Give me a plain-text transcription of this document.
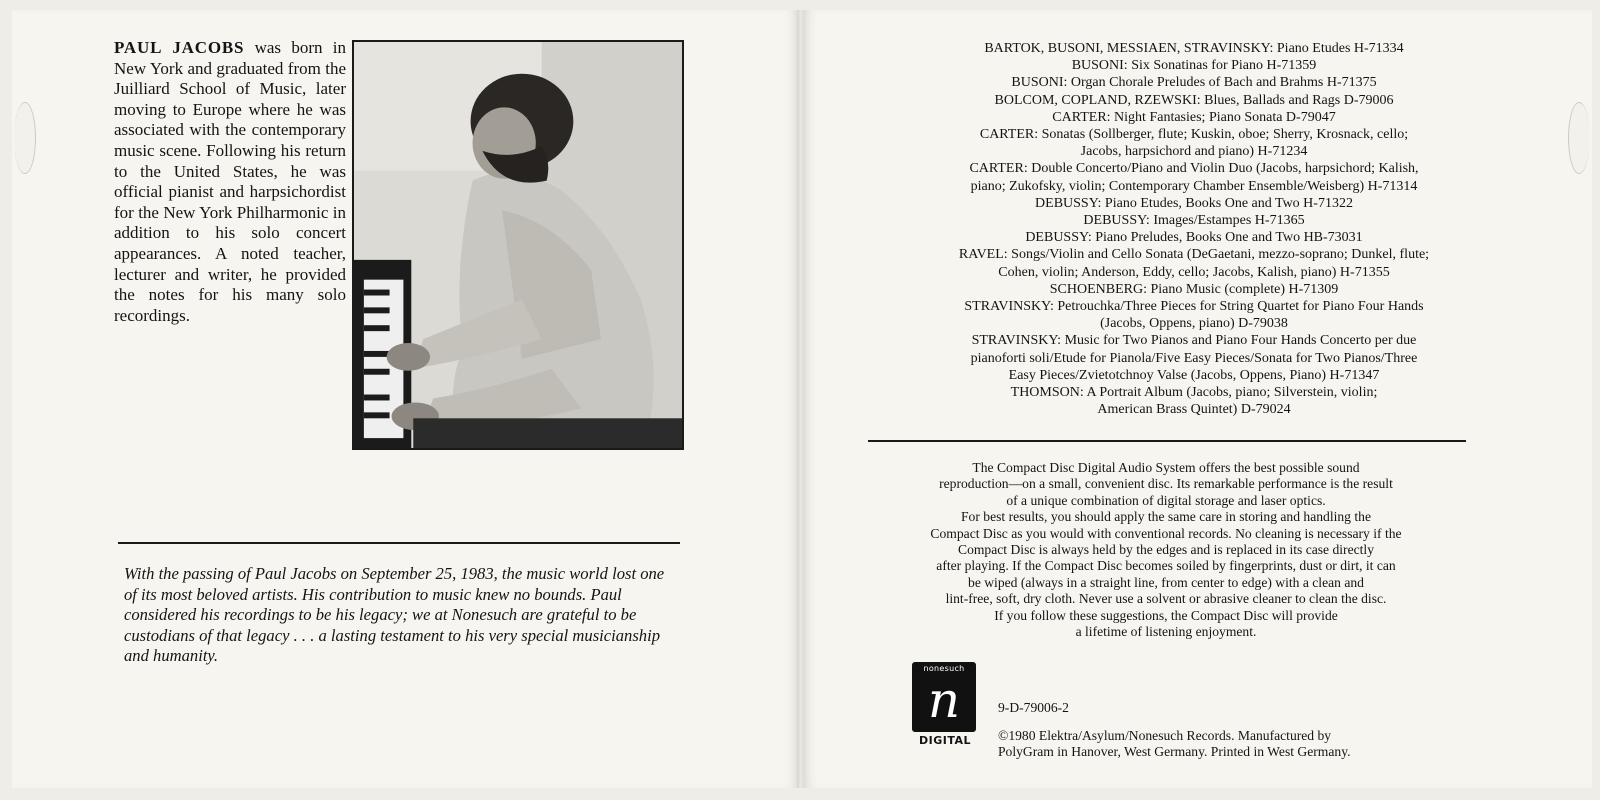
PAUL JACOBS was born in New York and graduated from the Juilliard School of Music, later moving to Europe where he was associated with the contemporary music scene. Following his return to the United States, he was official pianist and harpsichordist for the New York Philharmonic in addition to his solo concert appearances. A noted teacher, lecturer and writer, he provided the notes for his many solo recordings.

With the passing of Paul Jacobs on September 25, 1983, the music world lost one of its most beloved artists. His contribution to music knew no bounds. Paul considered his recordings to be his legacy; we at Nonesuch are grateful to be custodians of that legacy . . . a lasting testament to his very special musicianship and humanity.

BARTOK, BUSONI, MESSIAEN, STRAVINSKY: Piano Etudes H-71334
BUSONI: Six Sonatinas for Piano H-71359
BUSONI: Organ Chorale Preludes of Bach and Brahms H-71375
BOLCOM, COPLAND, RZEWSKI: Blues, Ballads and Rags D-79006
CARTER: Night Fantasies; Piano Sonata D-79047
CARTER: Sonatas (Sollberger, flute; Kuskin, oboe; Sherry, Krosnack, cello;
Jacobs, harpsichord and piano) H-71234
CARTER: Double Concerto/Piano and Violin Duo (Jacobs, harpsichord; Kalish,
piano; Zukofsky, violin; Contemporary Chamber Ensemble/Weisberg) H-71314
DEBUSSY: Piano Etudes, Books One and Two H-71322
DEBUSSY: Images/Estampes H-71365
DEBUSSY: Piano Preludes, Books One and Two HB-73031
RAVEL: Songs/Violin and Cello Sonata (DeGaetani, mezzo-soprano; Dunkel, flute;
Cohen, violin; Anderson, Eddy, cello; Jacobs, Kalish, piano) H-71355
SCHOENBERG: Piano Music (complete) H-71309
STRAVINSKY: Petrouchka/Three Pieces for String Quartet for Piano Four Hands
(Jacobs, Oppens, piano) D-79038
STRAVINSKY: Music for Two Pianos and Piano Four Hands Concerto per due
pianoforti soli/Etude for Pianola/Five Easy Pieces/Sonata for Two Pianos/Three
Easy Pieces/Zvietotchnoy Valse (Jacobs, Oppens, Piano) H-71347
THOMSON: A Portrait Album (Jacobs, piano; Silverstein, violin;
American Brass Quintet) D-79024
The Compact Disc Digital Audio System offers the best possible sound
reproduction—on a small, convenient disc. Its remarkable performance is the result
of a unique combination of digital storage and laser optics.
For best results, you should apply the same care in storing and handling the
Compact Disc as you would with conventional records. No cleaning is necessary if the
Compact Disc is always held by the edges and is replaced in its case directly
after playing. If the Compact Disc becomes soiled by fingerprints, dust or dirt, it can
be wiped (always in a straight line, from center to edge) with a clean and
lint-free, soft, dry cloth. Never use a solvent or abrasive cleaner to clean the disc.
If you follow these suggestions, the Compact Disc will provide
a lifetime of listening enjoyment.
nonesuch
n
DIGITAL
9-D-79006-2
©1980 Elektra/Asylum/Nonesuch Records. Manufactured by
PolyGram in Hanover, West Germany. Printed in West Germany.
